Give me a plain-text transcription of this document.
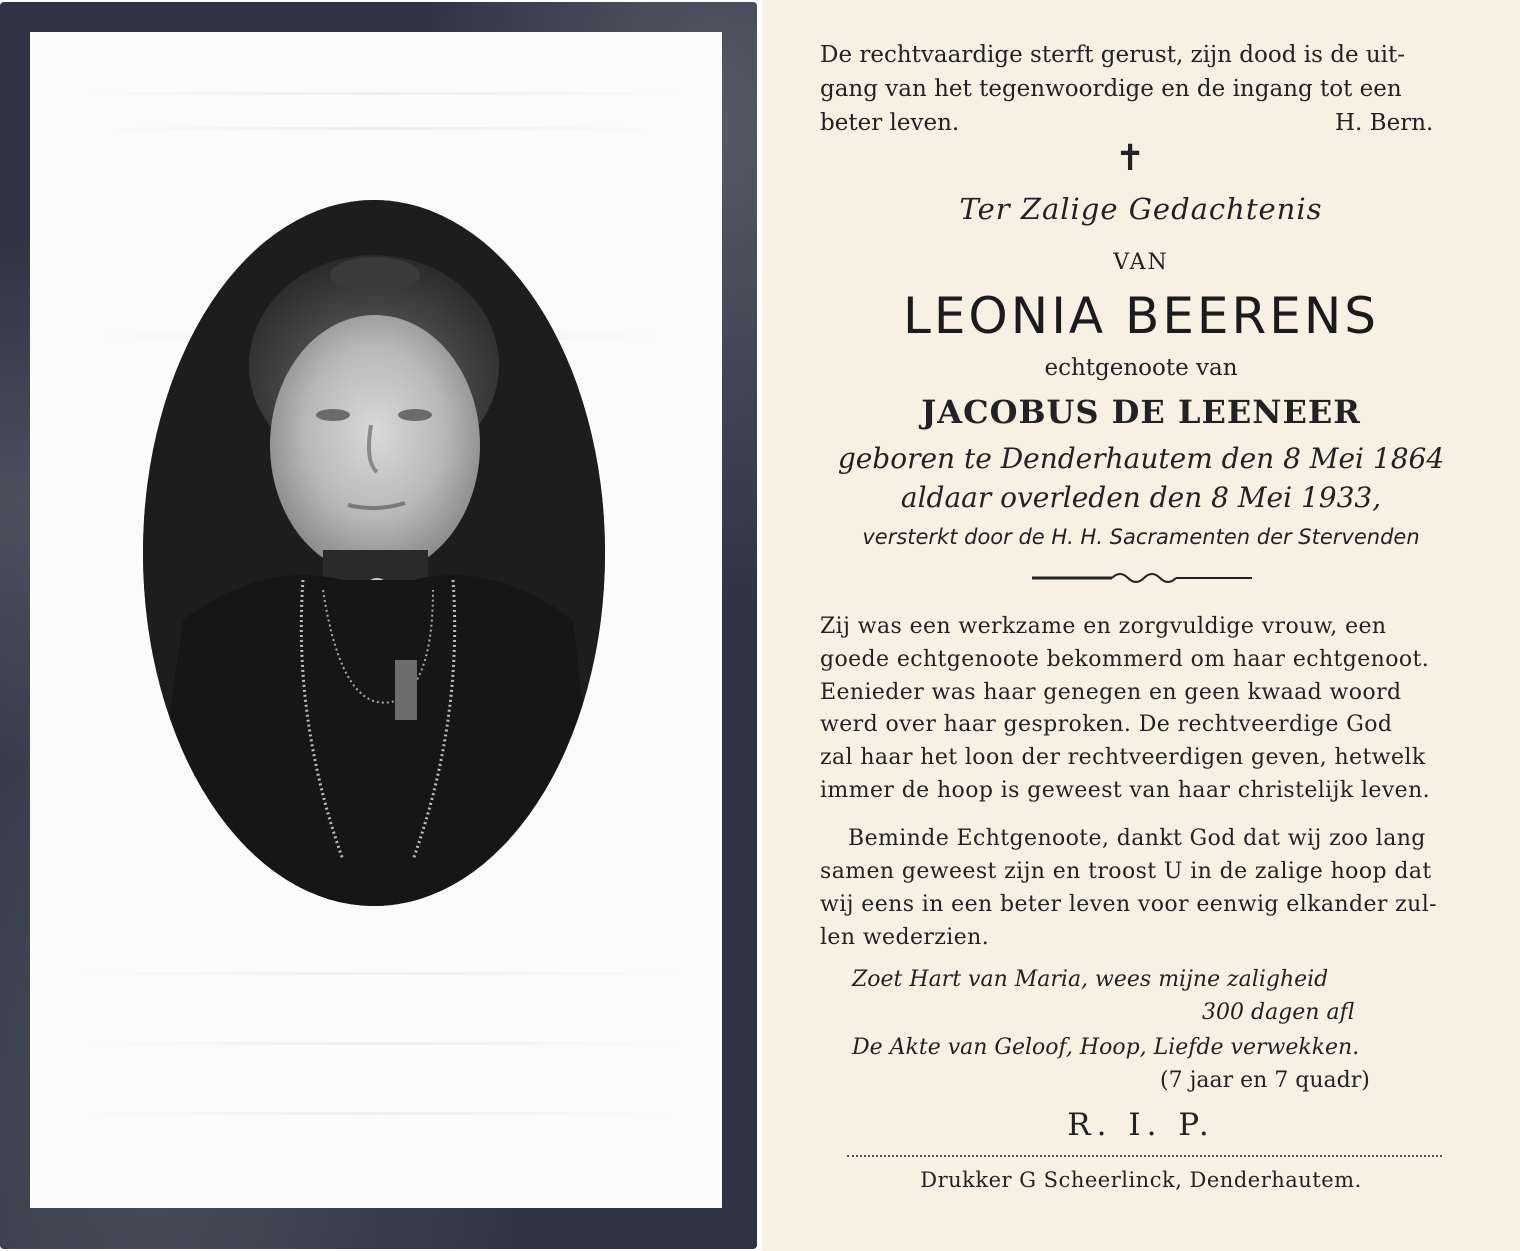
De rechtvaardige sterft gerust, zijn dood is de uit-
gang van het tegenwoordige en de ingang tot een
beter leven.	H. Bern.
✝
Ter Zalige Gedachtenis
VAN
LEONIA BEERENS
echtgenoote van
JACOBUS DE LEENEER
geboren te Denderhautem den 8 Mei 1864
aldaar overleden den 8 Mei 1933,
versterkt door de H. H. Sacramenten der Stervenden
Zij was een werkzame en zorgvuldige vrouw, een
goede echtgenoote bekommerd om haar echtgenoot.
Eenieder was haar genegen en geen kwaad woord
werd over haar gesproken. De rechtveerdige God
zal haar het loon der rechtveerdigen geven, hetwelk
immer de hoop is geweest van haar christelijk leven.
Beminde Echtgenoote, dankt God dat wij zoo lang
samen geweest zijn en troost U in de zalige hoop dat
wij eens in een beter leven voor eenwig elkander zul-
len wederzien.
Zoet Hart van Maria, wees mijne zaligheid
300 dagen afl
De Akte van Geloof, Hoop, Liefde verwekken.
(7 jaar en 7 quadr)
R. I. P.
Drukker G Scheerlinck, Denderhautem.
